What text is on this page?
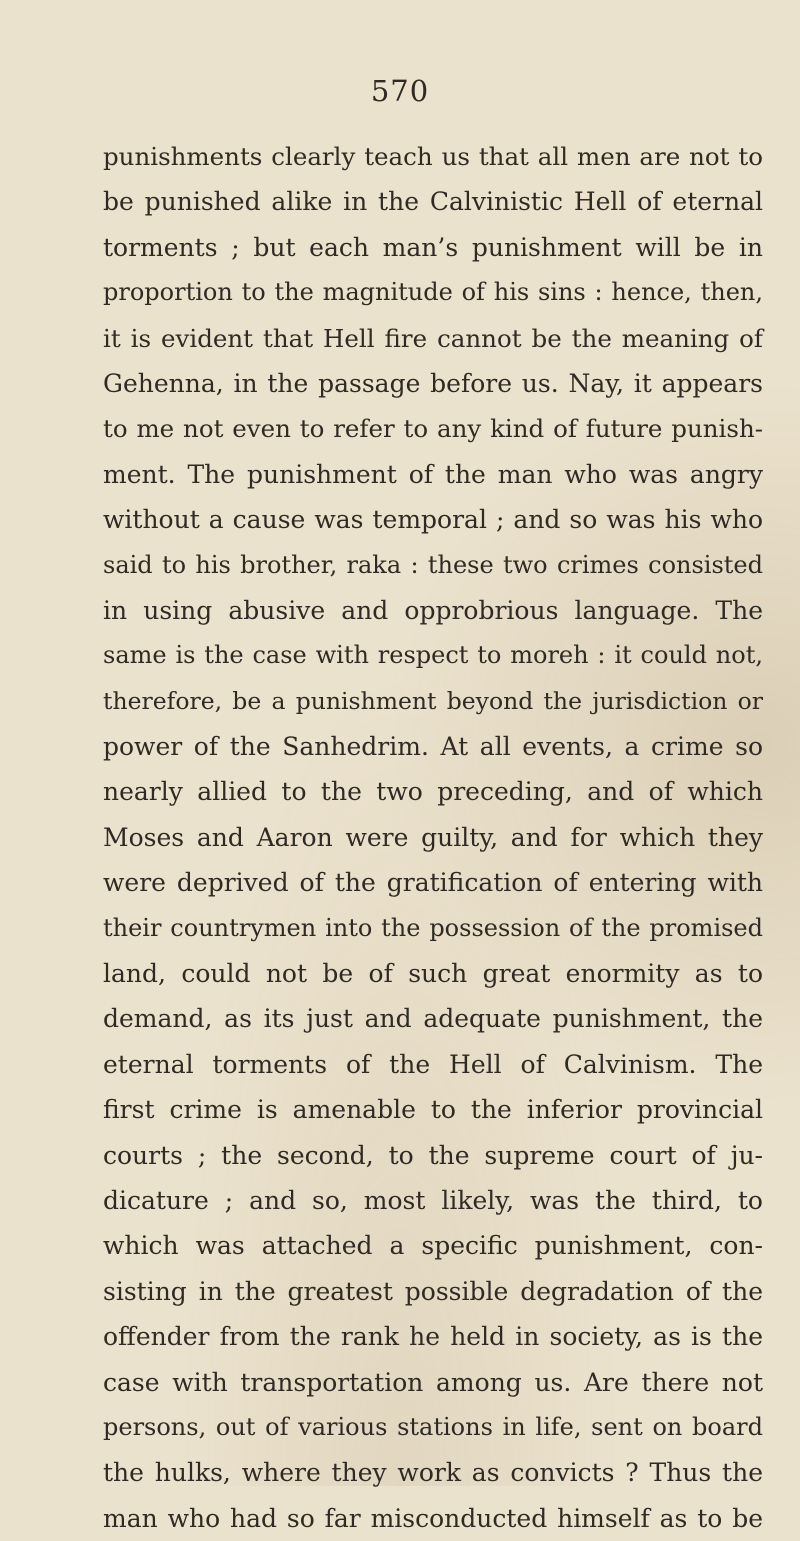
570
punishments clearly teach us that all men are not to
be punished alike in the Calvinistic Hell of eternal
torments ; but each man’s punishment will be in
proportion to the magnitude of his sins : hence, then,
it is evident that Hell fire cannot be the meaning of
Gehenna, in the passage before us. Nay, it appears
to me not even to refer to any kind of future punish-
ment. The punishment of the man who was angry
without a cause was temporal ; and so was his who
said to his brother, raka : these two crimes consisted
in using abusive and opprobrious language. The
same is the case with respect to moreh : it could not,
therefore, be a punishment beyond the jurisdiction or
power of the Sanhedrim. At all events, a crime so
nearly allied to the two preceding, and of which
Moses and Aaron were guilty, and for which they
were deprived of the gratification of entering with
their countrymen into the possession of the promised
land, could not be of such great enormity as to
demand, as its just and adequate punishment, the
eternal torments of the Hell of Calvinism. The
first crime is amenable to the inferior provincial
courts ; the second, to the supreme court of ju-
dicature ; and so, most likely, was the third, to
which was attached a specific punishment, con-
sisting in the greatest possible degradation of the
offender from the rank he held in society, as is the
case with transportation among us. Are there not
persons, out of various stations in life, sent on board
the hulks, where they work as convicts ? Thus the
man who had so far misconducted himself as to be
